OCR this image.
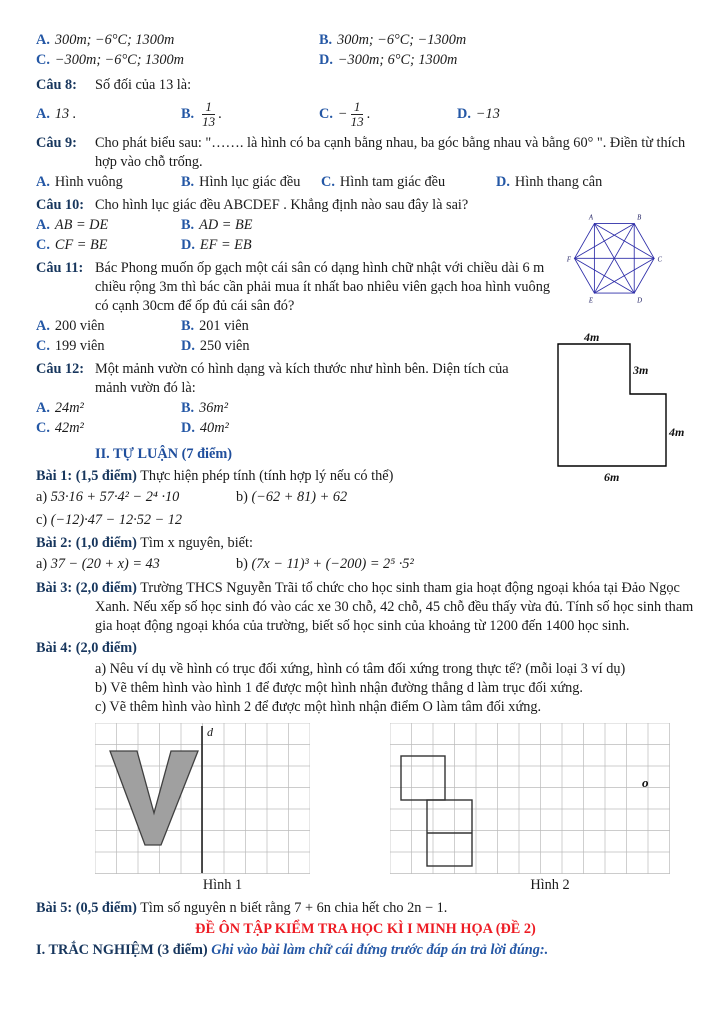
A. 300m; −6°C; 1300m	B. 300m; −6°C; −1300m
C. −300m; −6°C; 1300m	D. −300m; 6°C; 1300m
Câu 8:	Số đối của 13 là:
A. 13 .	B. $\frac{1}{13}$ .	C. − $\frac{1}{13}$ .	D. −13
Câu 9:	Cho phát biểu sau: "……. là hình có ba cạnh bằng nhau, ba góc bằng nhau và bằng 60° ". Điền từ thích hợp vào chỗ trống.
A. Hình vuông	B. Hình lục giác đều C. Hình tam giác đều	D. Hình thang cân
Câu 10: Cho hình lục giác đều ABCDEF . Khẳng định nào sau đây là sai?
A. AB = DE	B. AD = BE
C. CF = BE	D. EF = EB
Câu 11: Bác Phong muốn ốp gạch một cái sân có dạng hình chữ nhật với chiều dài 6 m chiều rộng 3m thì bác cần phải mua ít nhất bao nhiêu viên gạch hoa hình vuông có cạnh 30cm để ốp đủ cái sân đó?
A. 200 viên	B. 201 viên
C. 199 viên	D. 250 viên
Câu 12: Một mảnh vườn có hình dạng và kích thước như hình bên. Diện tích của mảnh vườn đó là:
A. 24m²	B. 36m²
C. 42m²	D. 40m²
II. TỰ LUẬN (7 điểm)

Bài 1: (1,5 điểm) Thực hiện phép tính (tính hợp lý nếu có thể)

a)
53·16 + 57·4² − 2⁴ ·10	b)
(−62 + 81) + 62
c)
(−12)·47 − 12·52 − 12

Bài 2: (1,0 điểm) Tìm x nguyên, biết:

a)
37 − (20 + x) = 43	b)
(7x − 11)³ + (−200) = 2⁵ ·5²

Bài 3: (2,0 điểm) Trường THCS Nguyễn Trãi tổ chức cho học sinh tham gia hoạt động ngoại khóa tại Đảo Ngọc Xanh. Nếu xếp số học sinh đó vào các xe 30 chỗ, 42 chỗ, 45 chỗ đều thấy vừa đủ. Tính số học sinh tham gia hoạt động ngoại khóa của trường, biết số học sinh của khoảng từ 1200 đến 1400 học sinh.

Bài 4: (2,0 điểm)

a) Nêu ví dụ về hình có trục đối xứng, hình có tâm đối xứng trong thực tế? (mỗi loại 3 ví dụ)
b) Vẽ thêm hình vào hình 1 để được một hình nhận đường thẳng d làm trục đối xứng.
c) Vẽ thêm hình vào hình 2 để được một hình nhận điểm O làm tâm đối xứng.
d
Hình 1
o
Hình 2

Bài 5: (0,5 điểm) Tìm số nguyên n biết rằng 7 + 6n chia hết cho 2n − 1.

ĐỀ ÔN TẬP KIỂM TRA HỌC KÌ I MINH HỌA (ĐỀ 2)

I. TRẮC NGHIỆM (3 điểm) Ghi vào bài làm chữ cái đứng trước đáp án trả lời đúng:.

A	B
C
D
E
F
4m
3m
4m
6m
